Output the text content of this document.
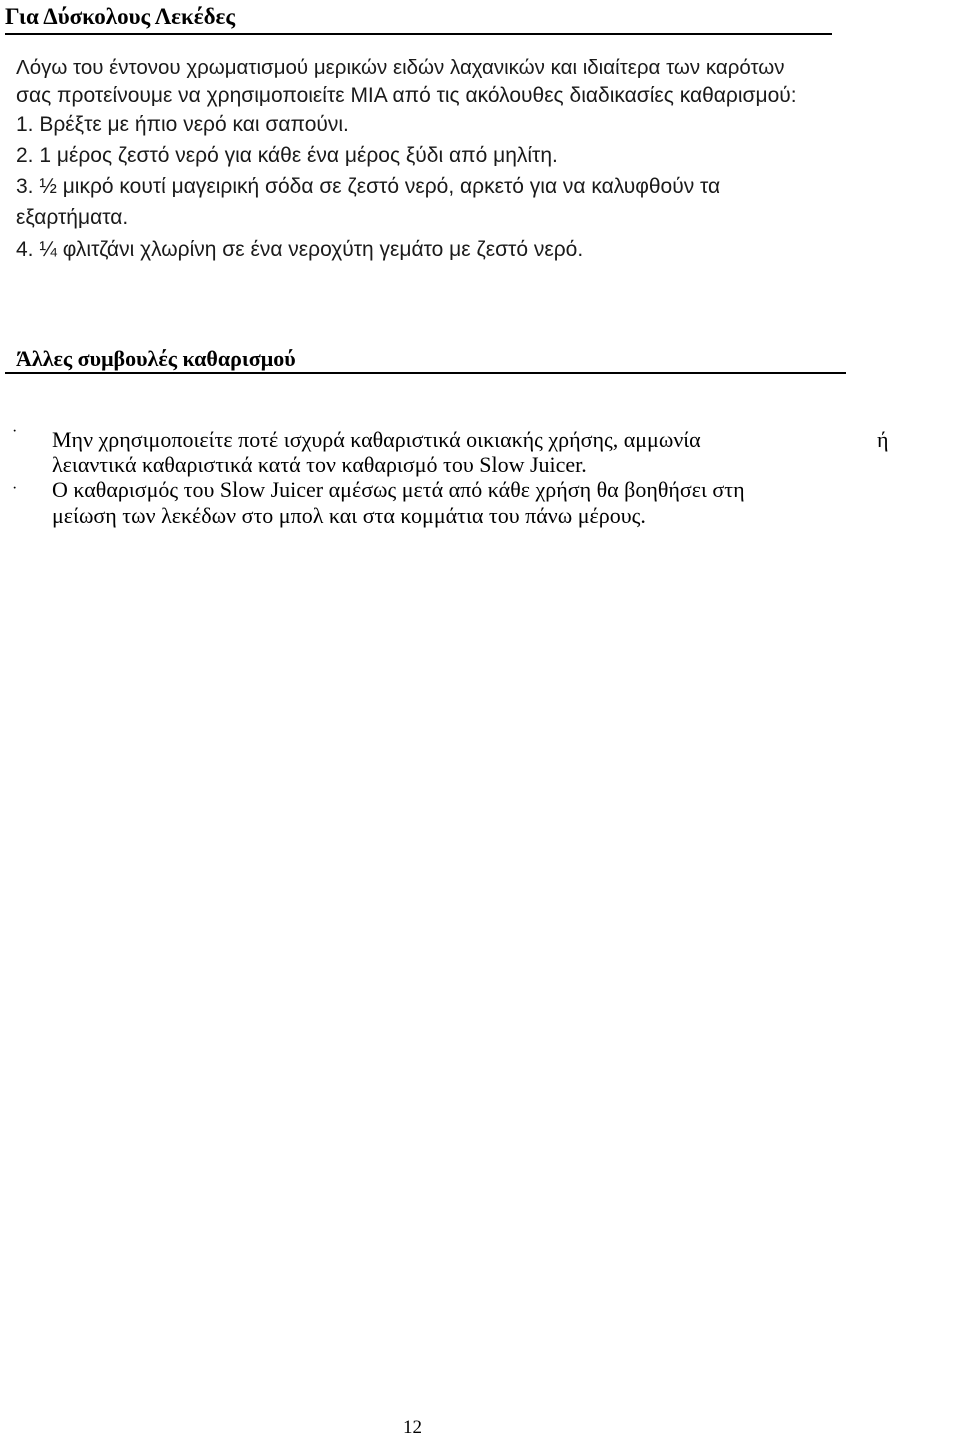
Για Δύσκολους Λεκέδες
Λόγω του έντονου χρωματισμού μερικών ειδών λαχανικών και ιδιαίτερα των καρότων
σας προτείνουμε να χρησιμοποιείτε ΜΙΑ από τις ακόλουθες διαδικασίες καθαρισμού:
1. Βρέξτε με ήπιο νερό και σαπούνι.
2. 1 μέρος ζεστό νερό για κάθε ένα μέρος ξύδι από μηλίτη.
3. ½ μικρό κουτί μαγειρική σόδα σε ζεστό νερό, αρκετό για να καλυφθούν τα
εξαρτήματα.
4. ¼ φλιτζάνι χλωρίνη σε ένα νεροχύτη γεμάτο με ζεστό νερό.
Άλλες συμβουλές καθαρισμού
· Μην χρησιμοποιείτε ποτέ ισχυρά καθαριστικά οικιακής χρήσης, αμμωνία	ή
λειαντικά καθαριστικά κατά τον καθαρισμό του Slow Juicer.
· Ο καθαρισμός του Slow Juicer αμέσως μετά από κάθε χρήση θα βοηθήσει στη
μείωση των λεκέδων στο μπολ και στα κομμάτια του πάνω μέρους.
12
